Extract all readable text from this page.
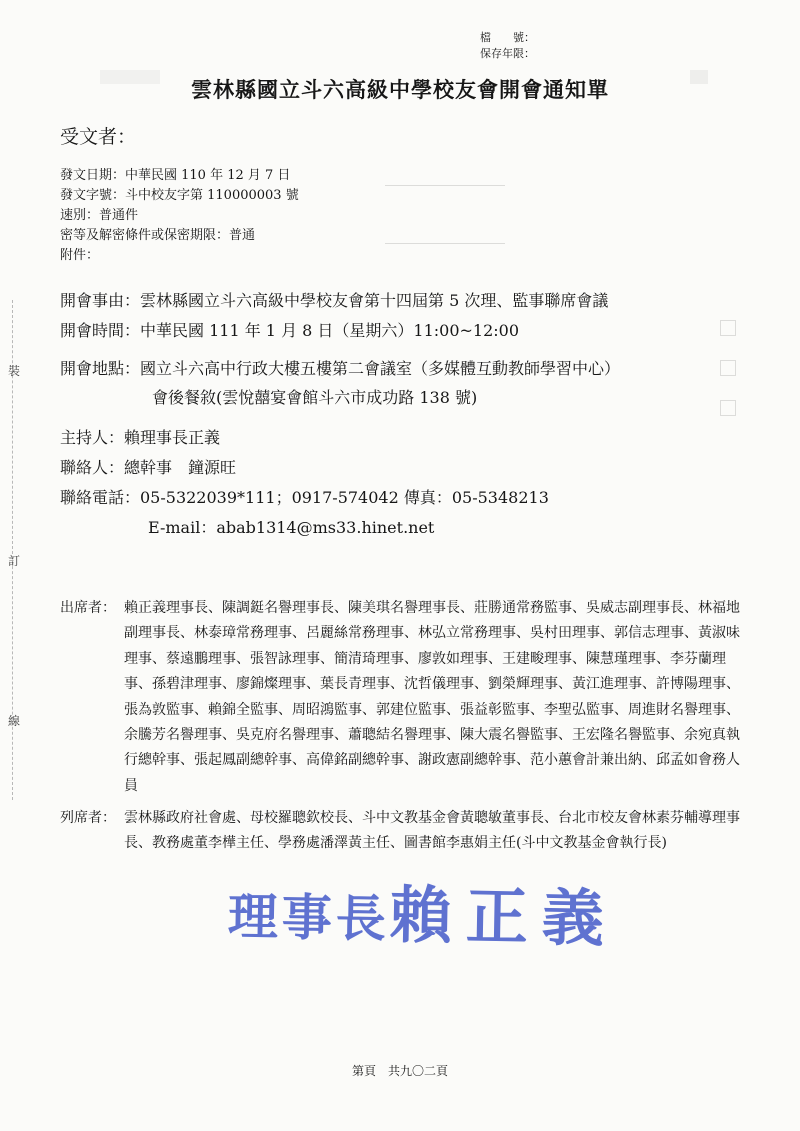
檔　　號：
保存年限：
雲林縣國立斗六高級中學校友會開會通知單
受文者：
發文日期：中華民國 110 年 12 月 7 日
發文字號：斗中校友字第 110000003 號
速別：普通件
密等及解密條件或保密期限：普通
附件：
開會事由：雲林縣國立斗六高級中學校友會第十四屆第 5 次理、監事聯席會議
開會時間：中華民國 111 年 1 月 8 日（星期六）11:00~12:00
開會地點：國立斗六高中行政大樓五樓第二會議室（多媒體互動教師學習中心）
會後餐敘(雲悅囍宴會館斗六市成功路 138 號)
主持人：賴理事長正義
聯絡人：總幹事　鐘源旺
聯絡電話：05-5322039*111；0917-574042 傳真：05-5348213
E-mail：abab1314@ms33.hinet.net
裝
訂
線
出席者： 賴正義理事長、陳調鋌名譽理事長、陳美琪名譽理事長、莊勝通常務監事、吳威志副理事長、林福地副理事長、林泰璋常務理事、呂麗絲常務理事、林弘立常務理事、吳村田理事、郭信志理事、黃淑味理事、蔡遠鵬理事、張智詠理事、簡清琦理事、廖敦如理事、王建畯理事、陳慧瑾理事、李芬蘭理事、孫碧津理事、廖錦燦理事、葉長青理事、沈哲儀理事、劉榮輝理事、黃江進理事、許博陽理事、張為敦監事、賴錦全監事、周昭鴻監事、郭建位監事、張益彰監事、李聖弘監事、周進財名譽理事、余騰芳名譽理事、吳克府名譽理事、蕭聰結名譽理事、陳大震名譽監事、王宏隆名譽監事、余宛真執行總幹事、張起鳳副總幹事、高偉銘副總幹事、謝政憲副總幹事、范小蕙會計兼出納、邱孟如會務人員
列席者： 雲林縣政府社會處、母校羅聰欽校長、斗中文教基金會黃聰敏董事長、台北市校友會林素芬輔導理事長、教務處董李樺主任、學務處潘澤黃主任、圖書館李惠娟主任(斗中文教基金會執行長)
理事長賴正義
第頁　共九〇二頁
